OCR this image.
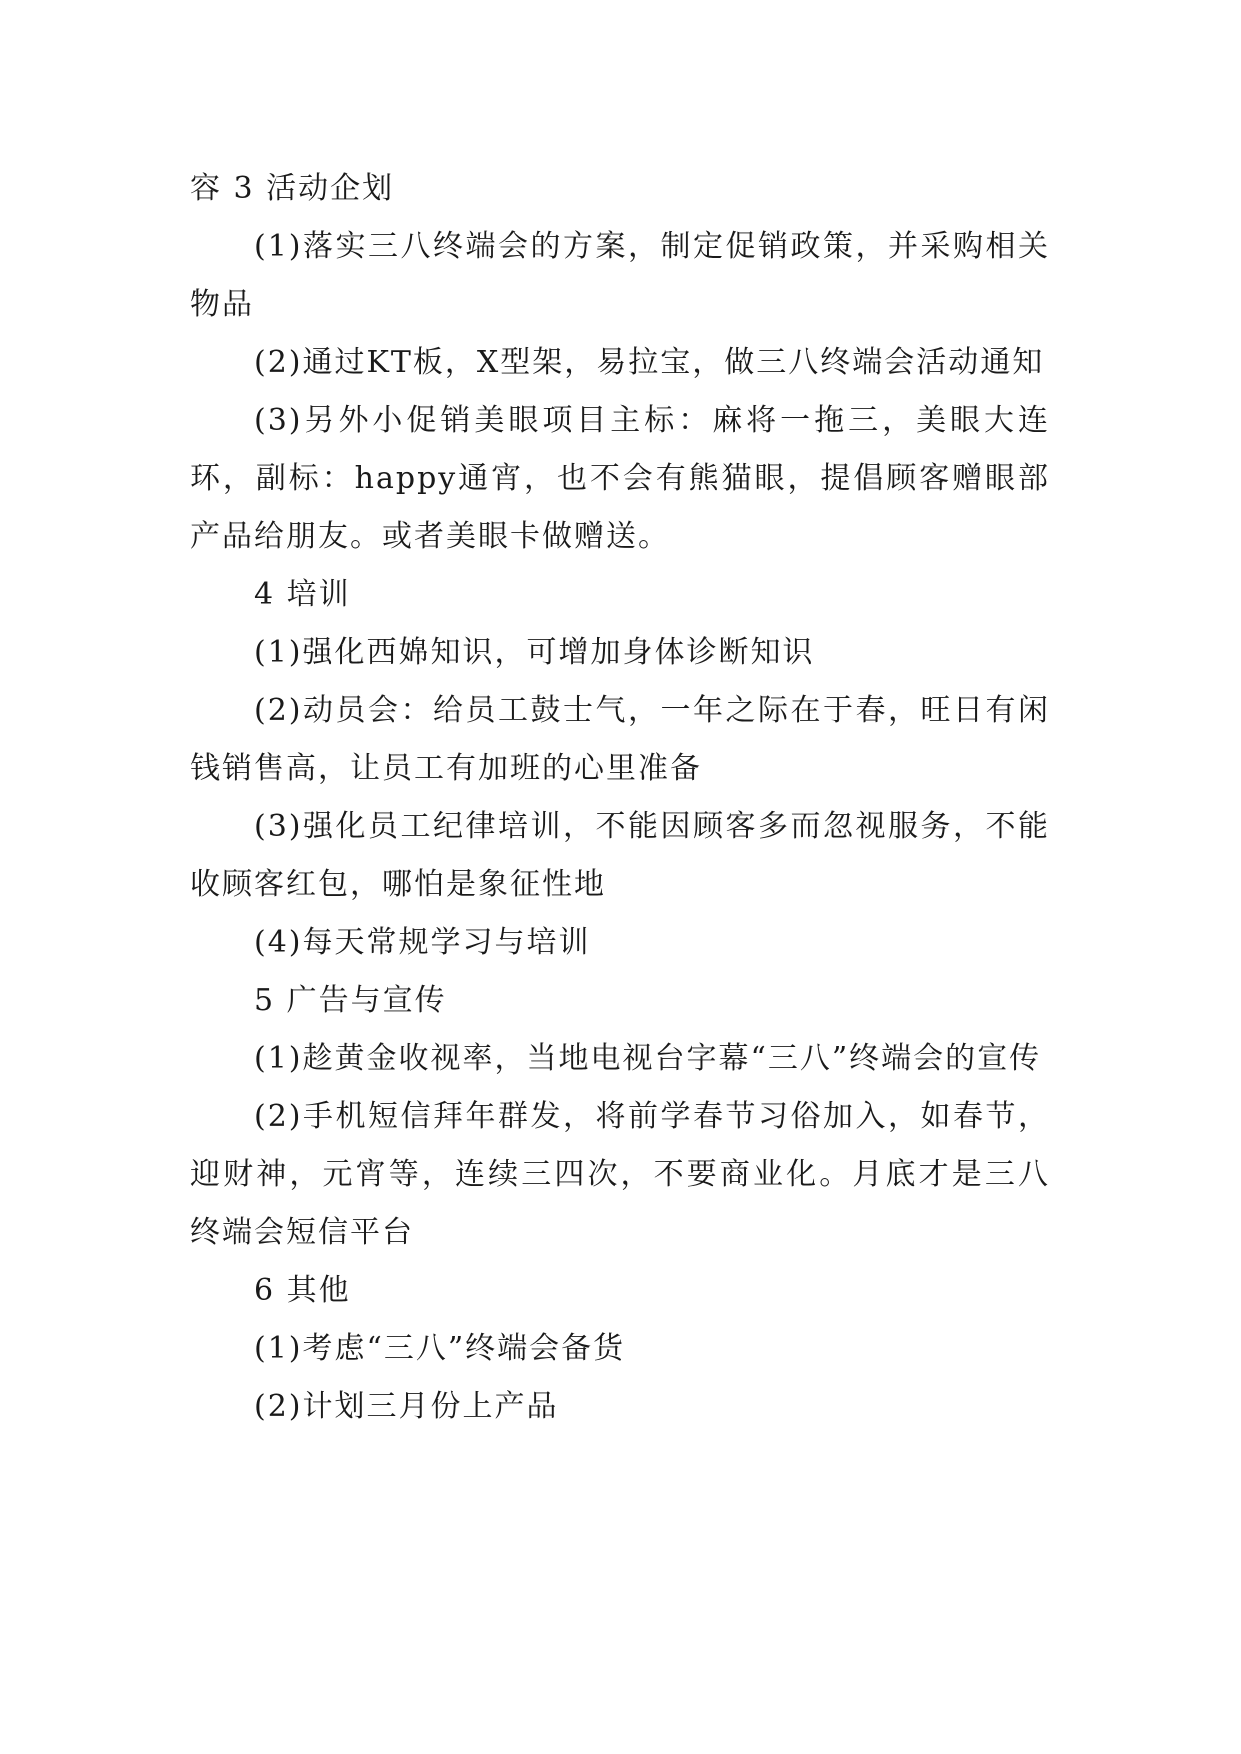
容 3 活动企划

(1)落实三八终端会的方案，制定促销政策，并采购相关物品

(2)通过KT板，X型架，易拉宝，做三八终端会活动通知

(3)另外小促销美眼项目主标：麻将一拖三，美眼大连环，副标：happy通宵，也不会有熊猫眼，提倡顾客赠眼部产品给朋友。或者美眼卡做赠送。

4 培训

(1)强化西婂知识，可增加身体诊断知识

(2)动员会：给员工鼓士气，一年之际在于春，旺日有闲钱销售高，让员工有加班的心里准备

(3)强化员工纪律培训，不能因顾客多而忽视服务，不能收顾客红包，哪怕是象征性地

(4)每天常规学习与培训

5 广告与宣传

(1)趁黄金收视率，当地电视台字幕“三八”终端会的宣传

(2)手机短信拜年群发，将前学春节习俗加入，如春节，迎财神，元宵等，连续三四次，不要商业化。月底才是三八终端会短信平台

6 其他

(1)考虑“三八”终端会备货

(2)计划三月份上产品
